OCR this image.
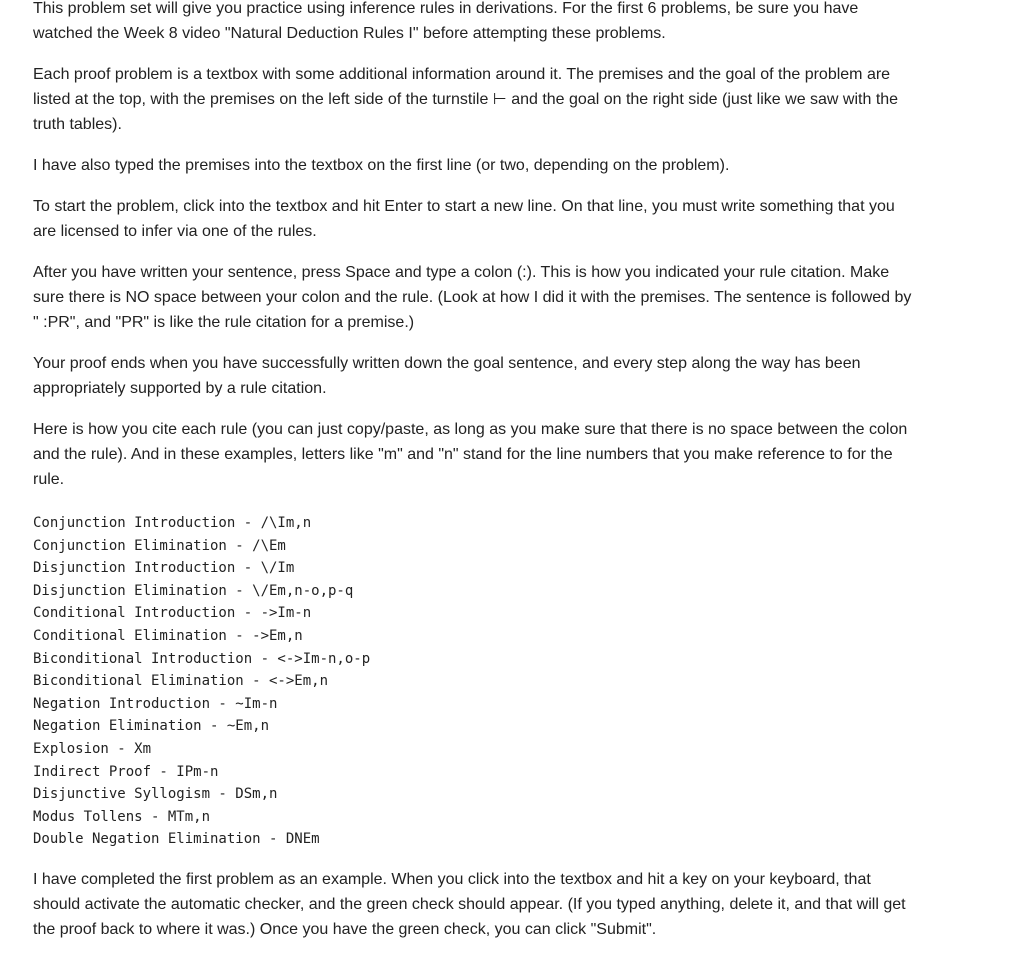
This problem set will give you practice using inference rules in derivations. For the first 6 problems, be sure you have watched the Week 8 video "Natural Deduction Rules I" before attempting these problems.

Each proof problem is a textbox with some additional information around it. The premises and the goal of the problem are listed at the top, with the premises on the left side of the turnstile ⊢ and the goal on the right side (just like we saw with the truth tables).

I have also typed the premises into the textbox on the first line (or two, depending on the problem).

To start the problem, click into the textbox and hit Enter to start a new line. On that line, you must write something that you are licensed to infer via one of the rules.

After you have written your sentence, press Space and type a colon (:). This is how you indicated your rule citation. Make sure there is NO space between your colon and the rule. (Look at how I did it with the premises. The sentence is followed by " :PR", and "PR" is like the rule citation for a premise.)

Your proof ends when you have successfully written down the goal sentence, and every step along the way has been appropriately supported by a rule citation.

Here is how you cite each rule (you can just copy/paste, as long as you make sure that there is no space between the colon and the rule). And in these examples, letters like "m" and "n" stand for the line numbers that you make reference to for the rule.

Conjunction Introduction - /\Im,n
Conjunction Elimination - /\Em
Disjunction Introduction - \/Im
Disjunction Elimination - \/Em,n-o,p-q
Conditional Introduction - ->Im-n
Conditional Elimination - ->Em,n
Biconditional Introduction - <->Im-n,o-p
Biconditional Elimination - <->Em,n
Negation Introduction - ~Im-n
Negation Elimination - ~Em,n
Explosion - Xm
Indirect Proof - IPm-n
Disjunctive Syllogism - DSm,n
Modus Tollens - MTm,n
Double Negation Elimination - DNEm

I have completed the first problem as an example. When you click into the textbox and hit a key on your keyboard, that should activate the automatic checker, and the green check should appear. (If you typed anything, delete it, and that will get the proof back to where it was.) Once you have the green check, you can click "Submit".
